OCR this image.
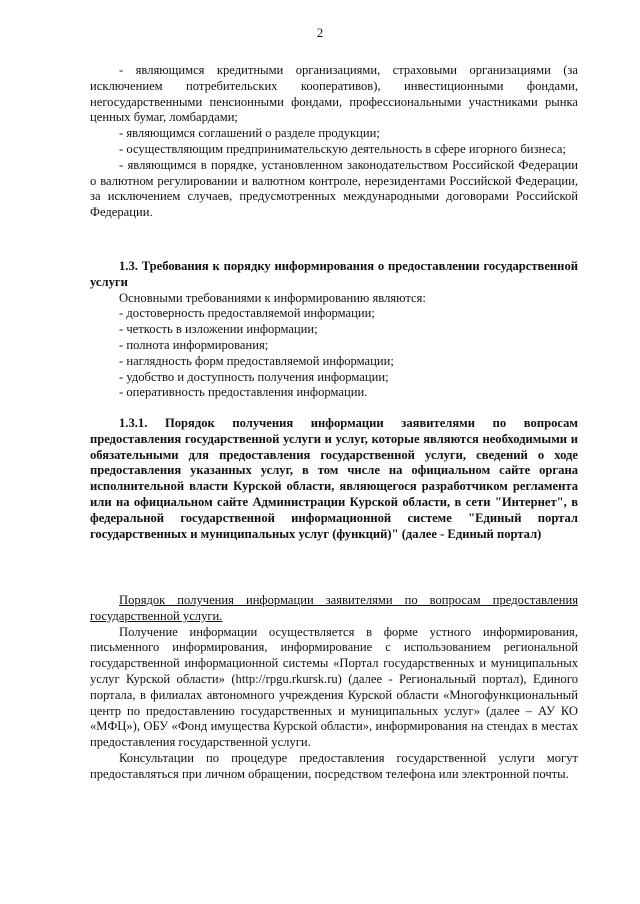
2

- являющимся кредитными организациями, страховыми организациями (за исключением потребительских кооперативов), инвестиционными фондами, негосударственными пенсионными фондами, профессиональными участниками рынка ценных бумаг, ломбардами;

- являющимся соглашений о разделе продукции;

- осуществляющим предпринимательскую деятельность в сфере игорного бизнеса;

- являющимся в порядке, установленном законодательством Российской Федерации о валютном регулировании и валютном контроле, нерезидентами Российской Федерации, за исключением случаев, предусмотренных международными договорами Российской Федерации.

1.3. Требования к порядку информирования о предоставлении государственной услуги

Основными требованиями к информированию являются:

- достоверность предоставляемой информации;

- четкость в изложении информации;

- полнота информирования;

- наглядность форм предоставляемой информации;

- удобство и доступность получения информации;

- оперативность предоставления информации.

1.3.1. Порядок получения информации заявителями по вопросам предоставления государственной услуги и услуг, которые являются необходимыми и обязательными для предоставления государственной услуги, сведений о ходе предоставления указанных услуг, в том числе на официальном сайте органа исполнительной власти Курской области, являющегося разработчиком регламента или на официальном сайте Администрации Курской области, в сети "Интернет", в федеральной государственной информационной системе "Единый портал государственных и муниципальных услуг (функций)" (далее - Единый портал)

Порядок получения информации заявителями по вопросам предоставления государственной услуги.

Получение информации осуществляется в форме устного информирования, письменного информирования, информирование с использованием региональной государственной информационной системы «Портал государственных и муниципальных услуг Курской области» (http://rpgu.rkursk.ru) (далее - Региональный портал), Единого портала, в филиалах автономного учреждения Курской области «Многофункциональный центр по предоставлению государственных и муниципальных услуг» (далее – АУ КО «МФЦ»), ОБУ «Фонд имущества Курской области», информирования на стендах в местах предоставления государственной услуги.

Консультации по процедуре предоставления государственной услуги могут предоставляться при личном обращении, посредством телефона или электронной почты.
